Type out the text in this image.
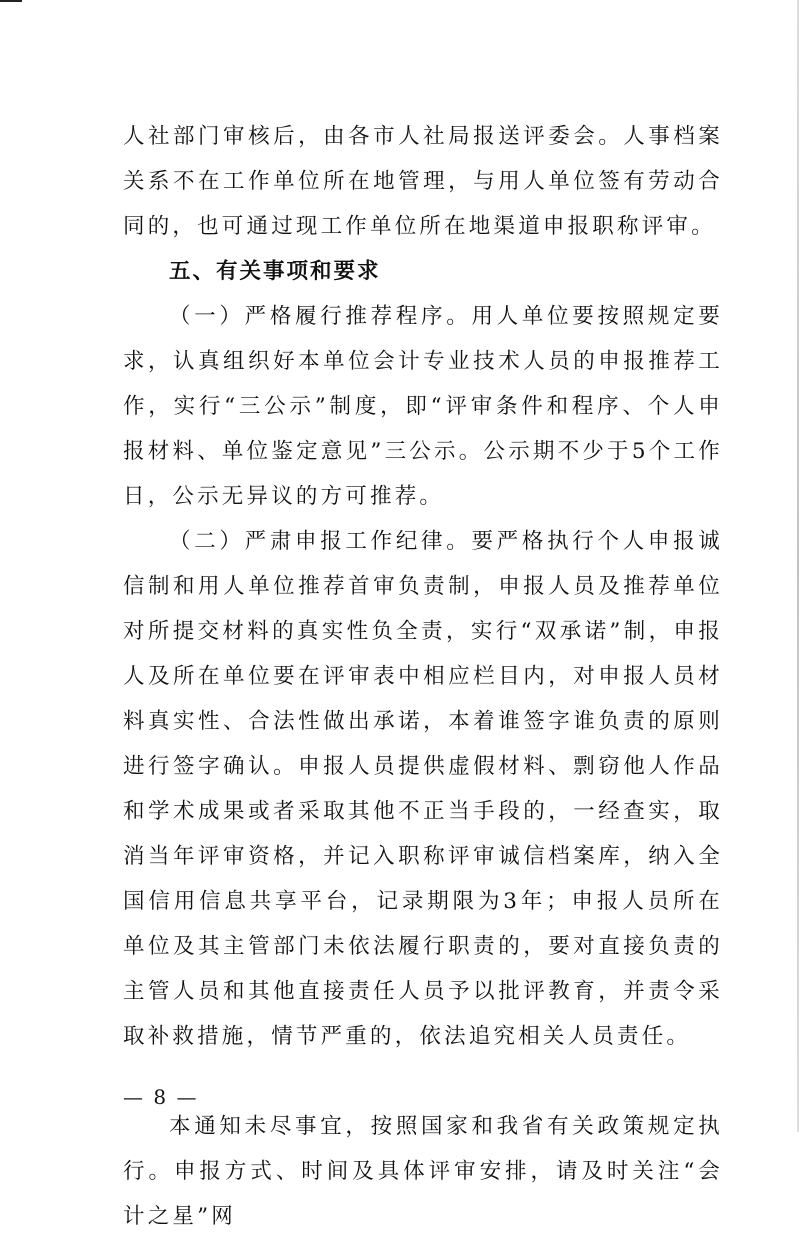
人社部门审核后，由各市人社局报送评委会。人事档案关系不在工作单位所在地管理，与用人单位签有劳动合同的，也可通过现工作单位所在地渠道申报职称评审。

五、有关事项和要求

（一）严格履行推荐程序。用人单位要按照规定要求，认真组织好本单位会计专业技术人员的申报推荐工作，实行“三公示”制度，即“评审条件和程序、个人申报材料、单位鉴定意见”三公示。公示期不少于5个工作日，公示无异议的方可推荐。

（二）严肃申报工作纪律。要严格执行个人申报诚信制和用人单位推荐首审负责制，申报人员及推荐单位对所提交材料的真实性负全责，实行“双承诺”制，申报人及所在单位要在评审表中相应栏目内，对申报人员材料真实性、合法性做出承诺，本着谁签字谁负责的原则进行签字确认。申报人员提供虚假材料、剽窃他人作品和学术成果或者采取其他不正当手段的，一经查实，取消当年评审资格，并记入职称评审诚信档案库，纳入全国信用信息共享平台，记录期限为3年；申报人员所在单位及其主管部门未依法履行职责的，要对直接负责的主管人员和其他直接责任人员予以批评教育，并责令采取补救措施，情节严重的，依法追究相关人员责任。

本通知未尽事宜，按照国家和我省有关政策规定执行。申报方式、时间及具体评审安排，请及时关注“会计之星”网

— 8 —
